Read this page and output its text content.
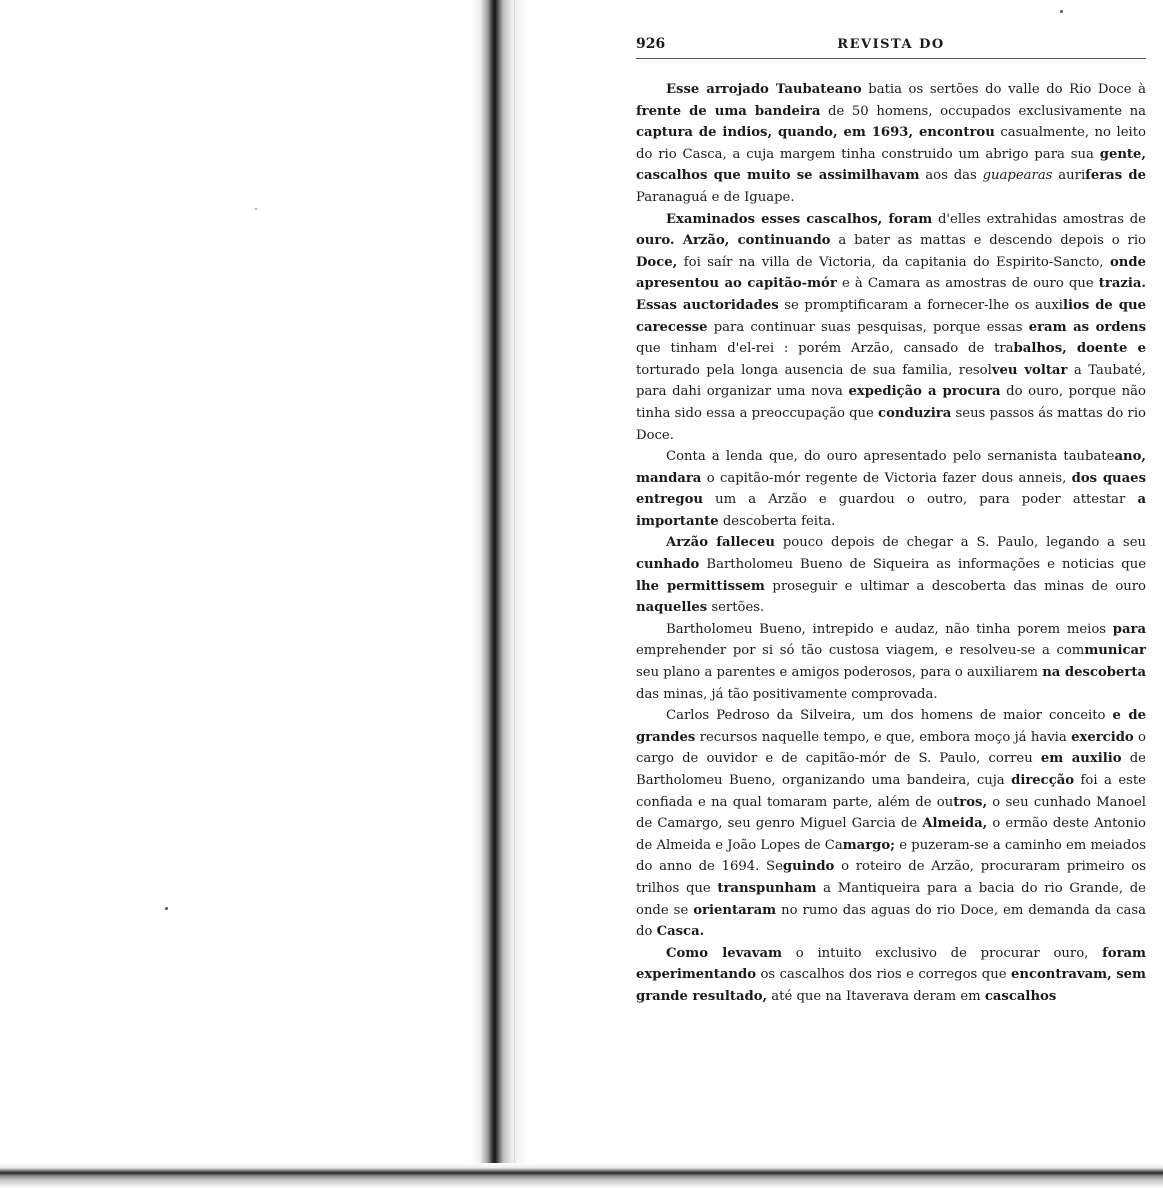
926	REVISTA DO

Esse arrojado Taubateano batia os sertões do valle do Rio Doce à frente de uma bandeira de 50 homens, occupados exclusivamente na captura de indios, quando, em 1693, encontrou casualmente, no leito do rio Casca, a cuja margem tinha construido um abrigo para sua gente, cascalhos que muito se assimilhavam aos das guapearas auriferas de Paranaguá e de Iguape.

Examinados esses cascalhos, foram d'elles extrahidas amostras de ouro. Arzão, continuando a bater as mattas e descendo depois o rio Doce, foi saír na villa de Victoria, da capitania do Espirito-Sancto, onde apresentou ao capitão-mór e à Camara as amostras de ouro que trazia. Essas auctoridades se promptificaram a fornecer-lhe os auxilios de que carecesse para continuar suas pesquisas, porque essas eram as ordens que tinham d'el-rei : porém Arzão, cansado de trabalhos, doente e torturado pela longa ausencia de sua familia, resolveu voltar a Taubaté, para dahi organizar uma nova expedição a procura do ouro, porque não tinha sido essa a preoccupação que conduzira seus passos ás mattas do rio Doce.

Conta a lenda que, do ouro apresentado pelo sernanista taubateano, mandara o capitão-mór regente de Victoria fazer dous anneis, dos quaes entregou um a Arzão e guardou o outro, para poder attestar a importante descoberta feita.

Arzão falleceu pouco depois de chegar a S. Paulo, legando a seu cunhado Bartholomeu Bueno de Siqueira as informações e noticias que lhe permittissem proseguir e ultimar a descoberta das minas de ouro naquelles sertões.

Bartholomeu Bueno, intrepido e audaz, não tinha porem meios para emprehender por si só tão custosa viagem, e resolveu-se a communicar seu plano a parentes e amigos poderosos, para o auxiliarem na descoberta das minas, já tão positivamente comprovada.

Carlos Pedroso da Silveira, um dos homens de maior conceito e de grandes recursos naquelle tempo, e que, embora moço já havia exercido o cargo de ouvidor e de capitão-mór de S. Paulo, correu em auxilio de Bartholomeu Bueno, organizando uma bandeira, cuja direcção foi a este confiada e na qual tomaram parte, além de outros, o seu cunhado Manoel de Camargo, seu genro Miguel Garcia de Almeida, o ermão deste Antonio de Almeida e João Lopes de Camargo; e puzeram-se a caminho em meiados do anno de 1694. Seguindo o roteiro de Arzão, procuraram primeiro os trilhos que transpunham a Mantiqueira para a bacia do rio Grande, de onde se orientaram no rumo das aguas do rio Doce, em demanda da casa do Casca.

Como levavam o intuito exclusivo de procurar ouro, foram experimentando os cascalhos dos rios e corregos que encontravam, sem grande resultado, até que na Itaverava deram em cascalhos
